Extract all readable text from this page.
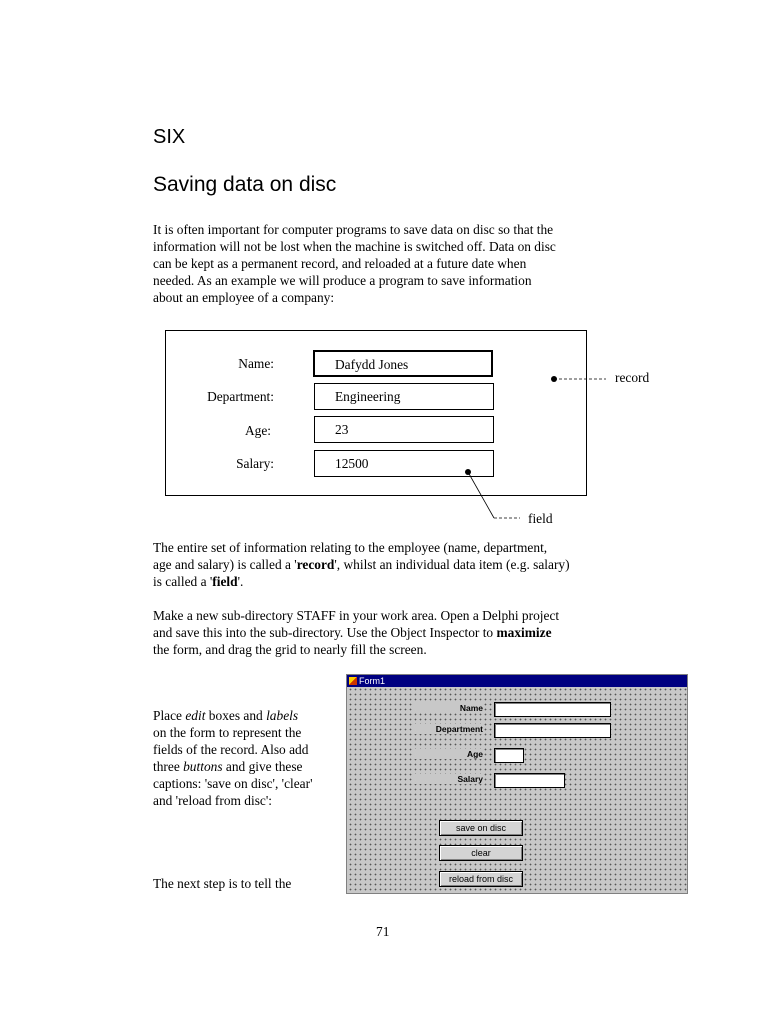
SIX
Saving data on disc
It is often important for computer programs to save data on disc so that the
information will not be lost when the machine is switched off. Data on disc
can be kept as a permanent record, and reloaded at a future date when
needed. As an example we will produce a program to save information
about an employee of a company:
Name:
Department:
Age:
Salary:
Dafydd Jones
Engineering
23
12500
record
field
The entire set of information relating to the employee (name, department,
age and salary) is called a 'record', whilst an individual data item (e.g. salary)
is called a 'field'.
Make a new sub-directory STAFF in your work area. Open a Delphi project
and save this into the sub-directory. Use the Object Inspector to maximize
the form, and drag the grid to nearly fill the screen.
Place edit boxes and labels
on the form to represent the
fields of the record. Also add
three buttons and give these
captions: 'save on disc', 'clear'
and 'reload from disc':
The next step is to tell the
Form1
Name
Department
Age
Salary
save on disc
clear
reload from disc
71
